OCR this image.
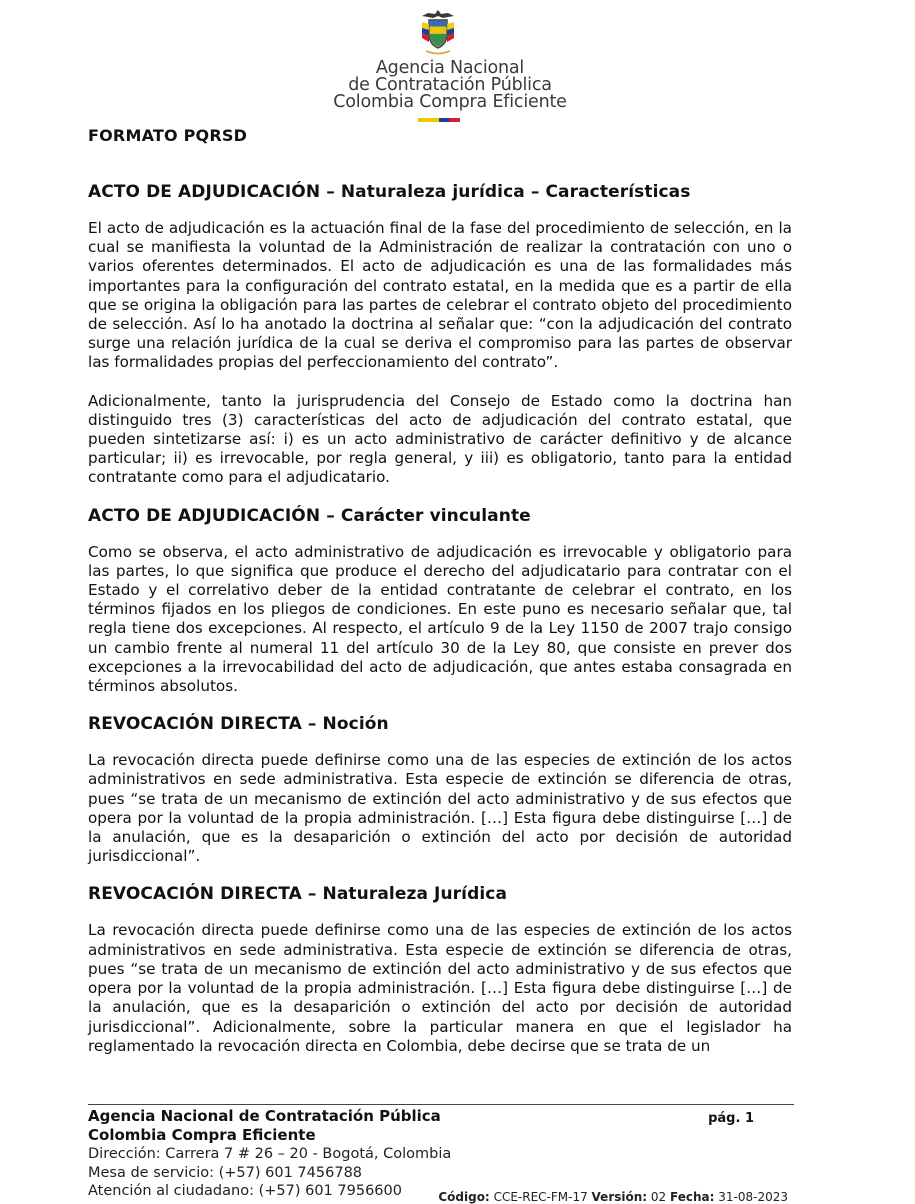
Agencia Nacional
de Contratación Pública
Colombia Compra Eficiente
FORMATO PQRSD
ACTO DE ADJUDICACIÓN – Naturaleza jurídica – Características

El acto de adjudicación es la actuación final de la fase del procedimiento de selección, en la cual se manifiesta la voluntad de la Administración de realizar la contratación con uno o varios oferentes determinados. El acto de adjudicación es una de las formalidades más importantes para la configuración del contrato estatal, en la medida que es a partir de ella que se origina la obligación para las partes de celebrar el contrato objeto del procedimiento de selección. Así lo ha anotado la doctrina al señalar que: “con la adjudicación del contrato surge una relación jurídica de la cual se deriva el compromiso para las partes de observar las formalidades propias del perfeccionamiento del contrato”.

Adicionalmente, tanto la jurisprudencia del Consejo de Estado como la doctrina han distinguido tres (3) características del acto de adjudicación del contrato estatal, que pueden sintetizarse así: i) es un acto administrativo de carácter definitivo y de alcance particular; ii) es irrevocable, por regla general, y iii) es obligatorio, tanto para la entidad contratante como para el adjudicatario.

ACTO DE ADJUDICACIÓN – Carácter vinculante

Como se observa, el acto administrativo de adjudicación es irrevocable y obligatorio para las partes, lo que significa que produce el derecho del adjudicatario para contratar con el Estado y el correlativo deber de la entidad contratante de celebrar el contrato, en los términos fijados en los pliegos de condiciones. En este puno es necesario señalar que, tal regla tiene dos excepciones. Al respecto, el artículo 9 de la Ley 1150 de 2007 trajo consigo un cambio frente al numeral 11 del artículo 30 de la Ley 80, que consiste en prever dos excepciones a la irrevocabilidad del acto de adjudicación, que antes estaba consagrada en términos absolutos.

REVOCACIÓN DIRECTA – Noción

La revocación directa puede definirse como una de las especies de extinción de los actos administrativos en sede administrativa. Esta especie de extinción se diferencia de otras, pues “se trata de un mecanismo de extinción del acto administrativo y de sus efectos que opera por la voluntad de la propia administración. […] Esta figura debe distinguirse […] de la anulación, que es la desaparición o extinción del acto por decisión de autoridad jurisdiccional”.

REVOCACIÓN DIRECTA – Naturaleza Jurídica

La revocación directa puede definirse como una de las especies de extinción de los actos administrativos en sede administrativa. Esta especie de extinción se diferencia de otras, pues “se trata de un mecanismo de extinción del acto administrativo y de sus efectos que opera por la voluntad de la propia administración. […] Esta figura debe distinguirse […] de la anulación, que es la desaparición o extinción del acto por decisión de autoridad jurisdiccional”. Adicionalmente, sobre la particular manera en que el legislador ha reglamentado la revocación directa en Colombia, debe decirse que se trata de un

Agencia Nacional de Contratación Pública
Colombia Compra Eficiente
Dirección: Carrera 7 # 26 – 20 - Bogotá, Colombia
Mesa de servicio: (+57) 601 7456788
Atención al ciudadano: (+57) 601 7956600
pág. 1
Código: CCE-REC-FM-17 Versión: 02 Fecha: 31-08-2023
